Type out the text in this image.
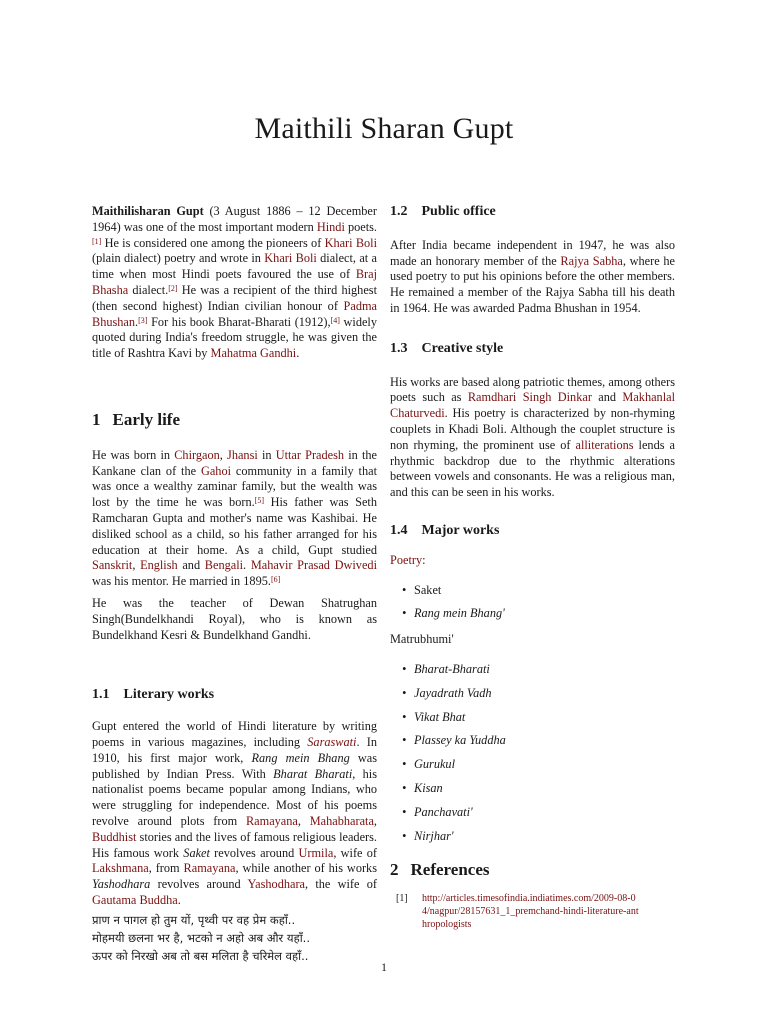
Maithili Sharan Gupt

Maithilisharan Gupt (3 August 1886 – 12 December 1964) was one of the most important modern Hindi poets.[1] He is considered one among the pioneers of Khari Boli (plain dialect) poetry and wrote in Khari Boli dialect, at a time when most Hindi poets favoured the use of Braj Bhasha dialect.[2] He was a recipient of the third highest (then second highest) Indian civilian honour of Padma Bhushan.[3] For his book Bharat-Bharati (1912),[4] widely quoted during India's freedom struggle, he was given the title of Rashtra Kavi by Mahatma Gandhi.

1 Early life

He was born in Chirgaon, Jhansi in Uttar Pradesh in the Kankane clan of the Gahoi community in a family that was once a wealthy zaminar family, but the wealth was lost by the time he was born.[5] His father was Seth Ramcharan Gupta and mother's name was Kashibai. He disliked school as a child, so his father arranged for his education at their home. As a child, Gupt studied Sanskrit, English and Bengali. Mahavir Prasad Dwivedi was his mentor. He married in 1895.[6]

He was the teacher of Dewan Shatrughan Singh(Bundelkhandi Royal), who is known as Bundelkhand Kesri & Bundelkhand Gandhi.

1.1 Literary works

Gupt entered the world of Hindi literature by writing poems in various magazines, including Saraswati. In 1910, his first major work, Rang mein Bhang was published by Indian Press. With Bharat Bharati, his nationalist poems became popular among Indians, who were struggling for independence. Most of his poems revolve around plots from Ramayana, Mahabharata, Buddhist stories and the lives of famous religious leaders. His famous work Saket revolves around Urmila, wife of Lakshmana, from Ramayana, while another of his works Yashodhara revolves around Yashodhara, the wife of Gautama Buddha.

प्राण न पागल हो तुम यों, पृथ्वी पर वह प्रेम कहाँ..
मोहमयी छलना भर है, भटको न अहो अब और यहाँ..
ऊपर को निरखो अब तो बस मलिता है चरिमेल वहाँ..
1.2 Public office

After India became independent in 1947, he was also made an honorary member of the Rajya Sabha, where he used poetry to put his opinions before the other members. He remained a member of the Rajya Sabha till his death in 1964. He was awarded Padma Bhushan in 1954.

1.3 Creative style

His works are based along patriotic themes, among others poets such as Ramdhari Singh Dinkar and Makhanlal Chaturvedi. His poetry is characterized by non-rhyming couplets in Khadi Boli. Although the couplet structure is non rhyming, the prominent use of alliterations lends a rhythmic backdrop due to the rhythmic alterations between vowels and consonants. He was a religious man, and this can be seen in his works.

1.4 Major works

Poetry:

• Saket
• Rang mein Bhang'

Matrubhumi'

• Bharat-Bharati
• Jayadrath Vadh
• Vikat Bhat
• Plassey ka Yuddha
• Gurukul
• Kisan
• Panchavati'
• Nirjhar'
2 References
[1]	http://articles.timesofindia.indiatimes.com/2009-08-04/nagpur/28157631_1_premchand-hindi-literature-anthropologists
1
